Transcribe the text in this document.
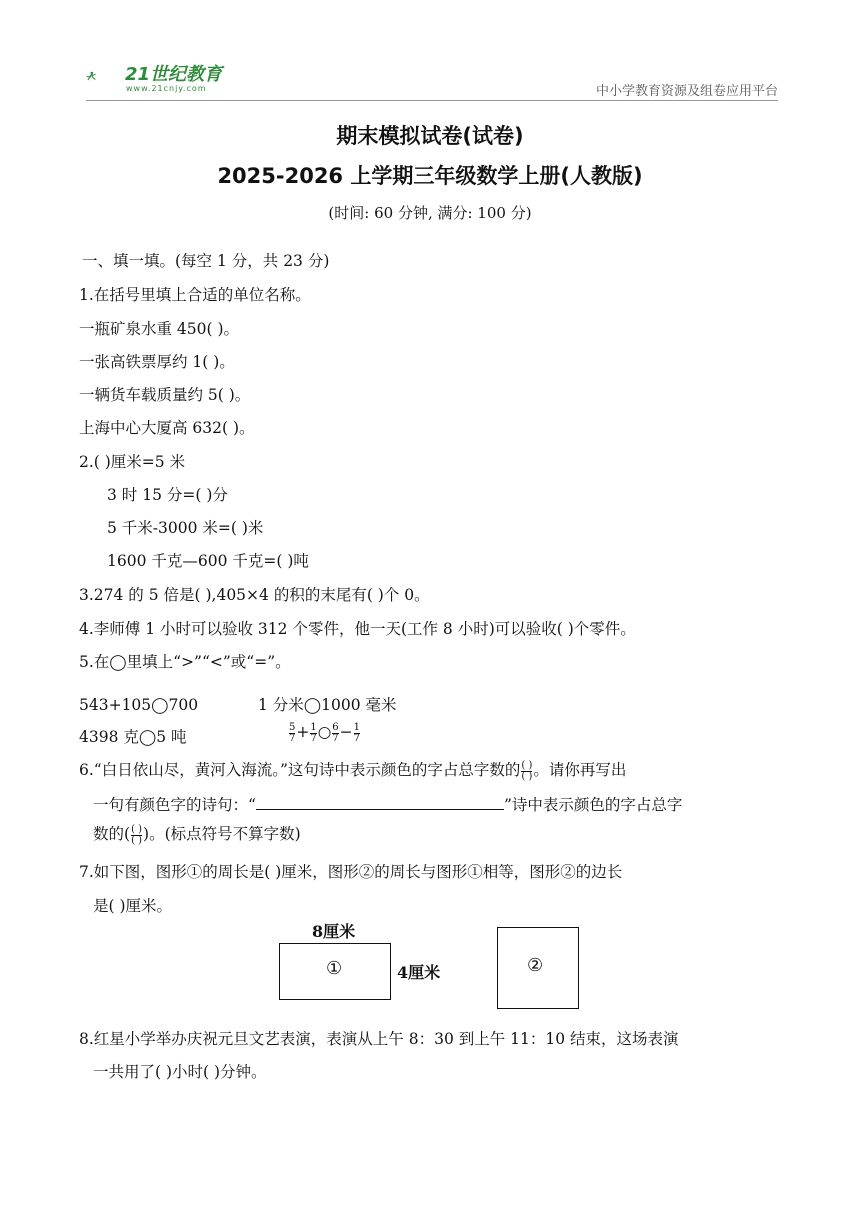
21世纪教育
www.21cnjy.com	中小学教育资源及组卷应用平台
期末模拟试卷(试卷)
2025-2026 上学期三年级数学上册(人教版)
(时间: 60 分钟, 满分: 100 分)
一、填一填。(每空 1 分，共 23 分)
1.在括号里填上合适的单位名称。
一瓶矿泉水重 450( )。
一张高铁票厚约 1( )。
一辆货车载质量约 5( )。
上海中心大厦高 632( )。
2.( )厘米=5 米
3 时 15 分=( )分
5 千米-3000 米=( )米
1600 千克—600 千克=( )吨
3.274 的 5 倍是( ),405×4 的积的末尾有( )个 0。
4.李师傅 1 小时可以验收 312 个零件，他一天(工作 8 小时)可以验收( )个零件。
5.在◯里填上“>”“<”或“=”。
543+105◯700	1 分米◯1000 毫米
4398 克◯5 吨	$\frac{5}{7} + \frac{1}{7}$ ○ $\frac{6}{7} - \frac{1}{7}$
6.“白日依山尽，黄河入海流。”这句诗中表示颜色的字占总字数的 $\frac{( )}{( )}$ 。请你再写出
一句有颜色字的诗句：“	”诗中表示颜色的字占总字
数的( $\frac{( )}{( )}$ )。(标点符号不算字数)
7.如下图，图形①的周长是( )厘米，图形②的周长与图形①相等，图形②的边长
是( )厘米。
8厘米
①	4厘米	②
8.红星小学举办庆祝元旦文艺表演，表演从上午 8：30 到上午 11：10 结束，这场表演
一共用了( )小时( )分钟。
